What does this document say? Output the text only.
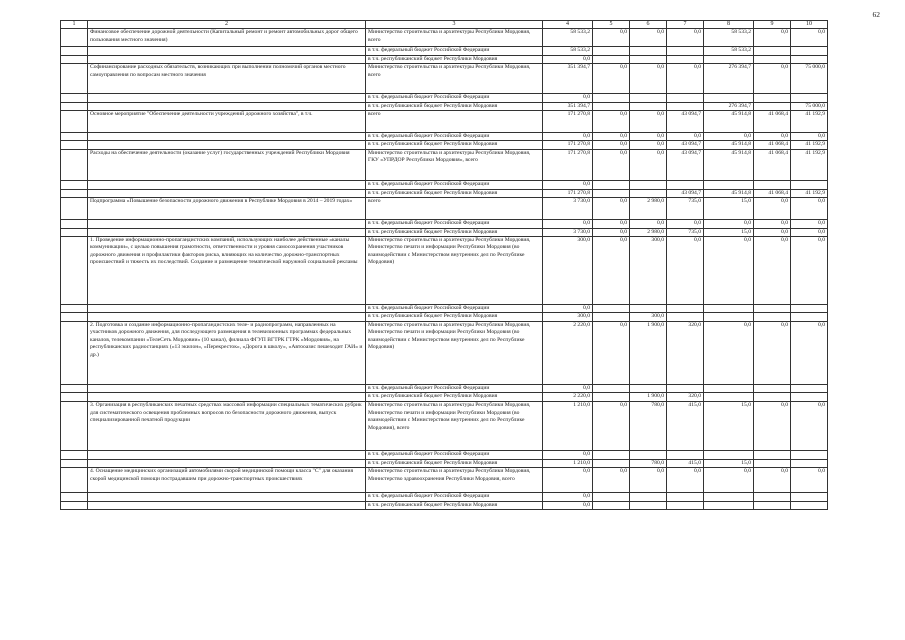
62
1	2	3	4	5	6	7	8	9	10
	Финансовое обеспечение дорожной деятельности (Капитальный ремонт и ремонт автомобильных дорог общего пользования местного значения)	Министерство строительства и архитектуры Республики Мордовия, всего	58 533,2	0,0	0,0	0,0	58 533,2	0,0	0,0
		в т.ч. федеральный бюджет Российской Федерации	58 533,2				58 533,2		
		в т.ч. республиканский бюджет Республики Мордовия	0,0						
	Софинансирование расходных обязательств, возникающих при выполнении полномочий органов местного самоуправления по вопросам местного значения	Министерство строительства и архитектуры Республики Мордовия, всего	351 394,7	0,0	0,0	0,0	276 394,7	0,0	75 000,0
		в т.ч. федеральный бюджет Российской Федерации	0,0						
		в т.ч. республиканский бюджет Республики Мордовия	351 394,7				276 394,7		75 000,0
	Основное мероприятие "Обеспечение деятельности учреждений дорожного хозяйства", в т.ч.	всего	171 270,8	0,0	0,0	43 094,7	45 914,8	41 068,4	41 192,9
		в т.ч. федеральный бюджет Российской Федерации	0,0	0,0	0,0	0,0	0,0	0,0	0,0
		в т.ч. республиканский бюджет Республики Мордовия	171 270,8	0,0	0,0	43 094,7	45 914,8	41 068,4	41 192,9
	Расходы на обеспечение деятельности (оказание услуг) государственных учреждений Республики Мордовия	Министерство строительства и архитектуры Республики Мордовия, ГКУ «УПРДОР Республики Мордовия», всего	171 270,8	0,0	0,0	43 094,7	45 914,8	41 068,4	41 192,9
		в т.ч. федеральный бюджет Российской Федерации	0,0						
		в т.ч. республиканский бюджет Республики Мордовия	171 270,8			43 094,7	45 914,8	41 068,4	41 192,9
	Подпрограмма «Повышение безопасности дорожного движения в Республике Мордовия в 2014 – 2019 годах»	всего	3 730,0	0,0	2 980,0	735,0	15,0	0,0	0,0
		в т.ч. федеральный бюджет Российской Федерации	0,0	0,0	0,0	0,0	0,0	0,0	0,0
		в т.ч. республиканский бюджет Республики Мордовия	3 730,0	0,0	2 980,0	735,0	15,0	0,0	0,0
	1. Проведение информационно-пропагандистских компаний, использующих наиболее действенные «каналы коммуникации», с целью повышения грамотности, ответственности и уровня самосохранения участников дорожного движения и профилактики факторов риска, влияющих на количество дорожно-транспортных происшествий и тяжесть их последствий. Создание и размещение тематической наружной социальной рекламы	Министерство строительства и архитектуры Республики Мордовия, Министерство печати и информации Республики Мордовия (во взаимодействии с Министерством внутренних дел по Республике Мордовия)	300,0	0,0	300,0	0,0	0,0	0,0	0,0
		в т.ч. федеральный бюджет Российской Федерации	0,0						
		в т.ч. республиканский бюджет Республики Мордовия	300,0		300,0				
	2. Подготовка и создание информационно-пропагандистских теле- и радиопрограмм, направленных на участников дорожного движения, для последующего размещения в телевизионных программах федеральных каналов, телекомпании «ТелеСеть Мордовии» (10 канал), филиала ФГУП ВГТРК ГТРК «Мордовия», на республиканских радиостанциях («13 экилон», «Перекресток», «Дорога в школу», «Автооазис пешеходит ГАИ» и др.)	Министерство строительства и архитектуры Республики Мордовия, Министерство печати и информации Республики Мордовия (во взаимодействии с Министерством внутренних дел по Республике Мордовия)	2 220,0	0,0	1 900,0	320,0	0,0	0,0	0,0
		в т.ч. федеральный бюджет Российской Федерации	0,0						
		в т.ч. республиканский бюджет Республики Мордовия	2 220,0		1 900,0	320,0			
	3. Организация в республиканских печатных средствах массовой информации специальных тематических рубрик для систематического освещения проблемных вопросов по безопасности дорожного движения, выпуск специализированной печатной продукции	Министерство строительства и архитектуры Республики Мордовия, Министерство печати и информации Республики Мордовия (во взаимодействии с Министерством внутренних дел по Республике Мордовия), всего	1 210,0	0,0	780,0	415,0	15,0	0,0	0,0
		в т.ч. федеральный бюджет Российской Федерации	0,0						
		в т.ч. республиканский бюджет Республики Мордовия	1 210,0		780,0	415,0	15,0		
	4. Оснащение медицинских организаций автомобилями скорой медицинской помощи класса "С" для оказания скорой медицинской помощи пострадавшим при дорожно-транспортных происшествиях	Министерство строительства и архитектуры Республики Мордовия, Министерство здравоохранения Республики Мордовия, всего	0,0	0,0	0,0	0,0	0,0	0,0	0,0
		в т.ч. федеральный бюджет Российской Федерации	0,0						
		в т.ч. республиканский бюджет Республики Мордовия	0,0						
